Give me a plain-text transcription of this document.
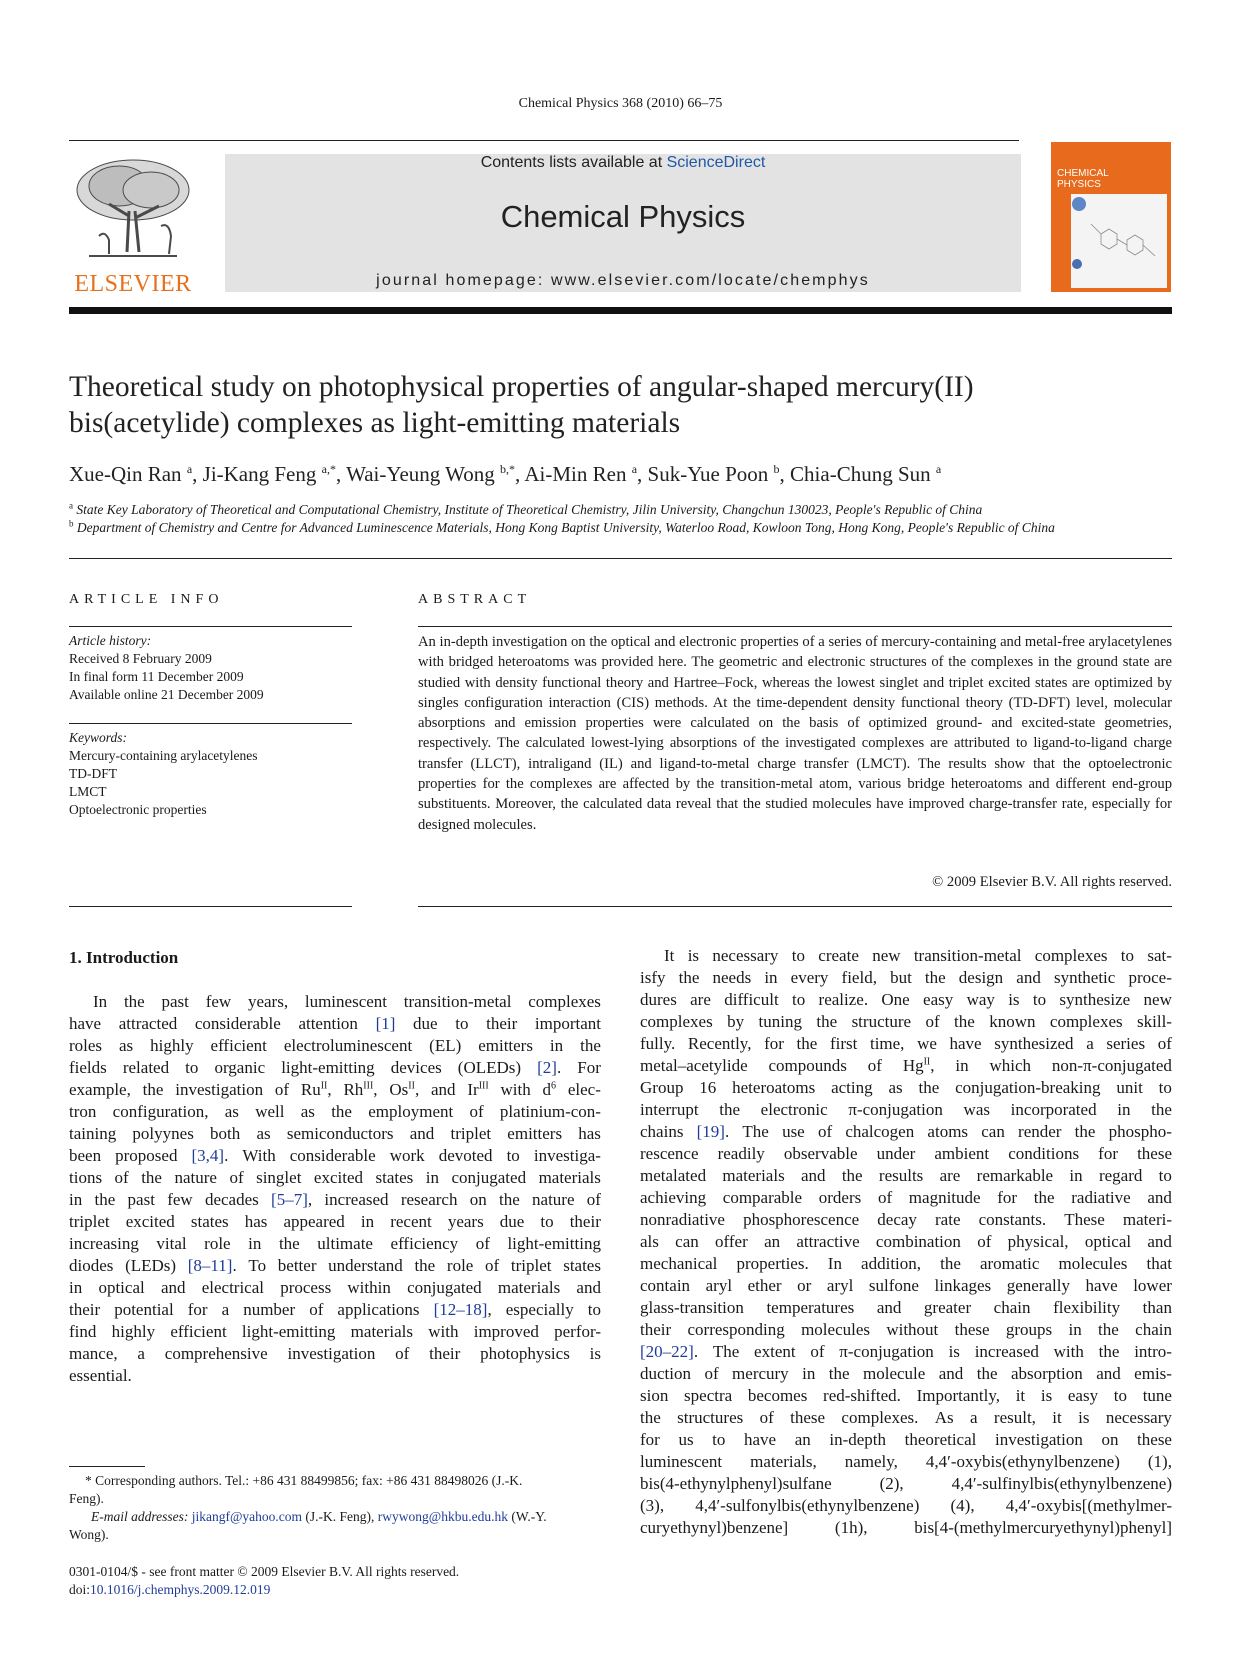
Chemical Physics 368 (2010) 66–75
ELSEVIER
Contents lists available at ScienceDirect
Chemical Physics
journal homepage: www.elsevier.com/locate/chemphys
CHEMICAL
PHYSICS
Theoretical study on photophysical properties of angular-shaped mercury(II)
bis(acetylide) complexes as light-emitting materials
Xue-Qin Ran $^a$, Ji-Kang Feng $^{a,*}$, Wai-Yeung Wong $^{b,*}$, Ai-Min Ren $^a$, Suk-Yue Poon $^b$, Chia-Chung Sun $^a$
$^a$ State Key Laboratory of Theoretical and Computational Chemistry, Institute of Theoretical Chemistry, Jilin University, Changchun 130023, People's Republic of China
$^b$ Department of Chemistry and Centre for Advanced Luminescence Materials, Hong Kong Baptist University, Waterloo Road, Kowloon Tong, Hong Kong, People's Republic of China
ARTICLE INFO
Article history:
Received 8 February 2009
In final form 11 December 2009
Available online 21 December 2009
Keywords:
Mercury-containing arylacetylenes
TD-DFT
LMCT
Optoelectronic properties
ABSTRACT
An in-depth investigation on the optical and electronic properties of a series of mercury-containing and metal-free arylacetylenes with bridged heteroatoms was provided here. The geometric and electronic structures of the complexes in the ground state are studied with density functional theory and Hartree–Fock, whereas the lowest singlet and triplet excited states are optimized by singles configuration interaction (CIS) methods. At the time-dependent density functional theory (TD-DFT) level, molecular absorptions and emission properties were calculated on the basis of optimized ground- and excited-state geometries, respectively. The calculated lowest-lying absorptions of the investigated complexes are attributed to ligand-to-ligand charge transfer (LLCT), intraligand (IL) and ligand-to-metal charge transfer (LMCT). The results show that the optoelectronic properties for the complexes are affected by the transition-metal atom, various bridge heteroatoms and different end-group substituents. Moreover, the calculated data reveal that the studied molecules have improved charge-transfer rate, especially for designed molecules.
© 2009 Elsevier B.V. All rights reserved.
1. Introduction
In the past few years, luminescent transition-metal complexes
have attracted considerable attention [1] due to their important
roles as highly efficient electroluminescent (EL) emitters in the
fields related to organic light-emitting devices (OLEDs) [2]. For
example, the investigation of $Ru^{II}$, $Rh^{III}$, $Os^{II}$, and $Ir^{III}$ with $d^6$ elec-
tron configuration, as well as the employment of platinium-con-
taining polyynes both as semiconductors and triplet emitters has
been proposed [3,4]. With considerable work devoted to investiga-
tions of the nature of singlet excited states in conjugated materials
in the past few decades [5–7], increased research on the nature of
triplet excited states has appeared in recent years due to their
increasing vital role in the ultimate efficiency of light-emitting
diodes (LEDs) [8–11]. To better understand the role of triplet states
in optical and electrical process within conjugated materials and
their potential for a number of applications [12–18], especially to
find highly efficient light-emitting materials with improved perfor-
mance, a comprehensive investigation of their photophysics is
essential.
It is necessary to create new transition-metal complexes to sat-
isfy the needs in every field, but the design and synthetic proce-
dures are difficult to realize. One easy way is to synthesize new
complexes by tuning the structure of the known complexes skill-
fully. Recently, for the first time, we have synthesized a series of
metal–acetylide compounds of $Hg^{II}$, in which non-π-conjugated
Group 16 heteroatoms acting as the conjugation-breaking unit to
interrupt the electronic π-conjugation was incorporated in the
chains [19]. The use of chalcogen atoms can render the phospho-
rescence readily observable under ambient conditions for these
metalated materials and the results are remarkable in regard to
achieving comparable orders of magnitude for the radiative and
nonradiative phosphorescence decay rate constants. These materi-
als can offer an attractive combination of physical, optical and
mechanical properties. In addition, the aromatic molecules that
contain aryl ether or aryl sulfone linkages generally have lower
glass-transition temperatures and greater chain flexibility than
their corresponding molecules without these groups in the chain
[20–22]. The extent of π-conjugation is increased with the intro-
duction of mercury in the molecule and the absorption and emis-
sion spectra becomes red-shifted. Importantly, it is easy to tune
the structures of these complexes. As a result, it is necessary
for us to have an in-depth theoretical investigation on these
luminescent materials, namely, 4,4′-oxybis(ethynylbenzene) (1),
bis(4-ethynylphenyl)sulfane	(2),	4,4′-sulfinylbis(ethynylbenzene)
(3), 4,4′-sulfonylbis(ethynylbenzene) (4), 4,4′-oxybis[(methylmer-
curyethynyl)benzene]	(1h),	bis[4-(methylmercuryethynyl)phenyl]
* Corresponding authors. Tel.: +86 431 88499856; fax: +86 431 88498026 (J.-K.
Feng).
E-mail addresses: jikangf@yahoo.com (J.-K. Feng), rwywong@hkbu.edu.hk (W.-Y.
Wong).
0301-0104/$ - see front matter © 2009 Elsevier B.V. All rights reserved.
doi:10.1016/j.chemphys.2009.12.019
